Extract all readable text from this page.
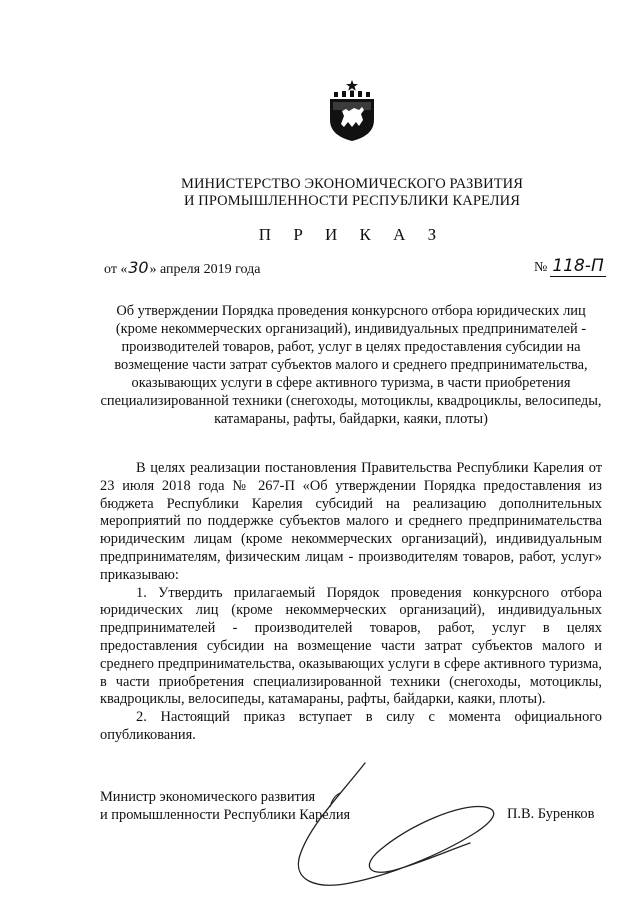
МИНИСТЕРСТВО ЭКОНОМИЧЕСКОГО РАЗВИТИЯ
И ПРОМЫШЛЕННОСТИ РЕСПУБЛИКИ КАРЕЛИЯ
П Р И К А З
от «30» апреля 2019 года	№ 118-П
Об утверждении Порядка проведения конкурсного отбора юридических лиц (кроме некоммерческих организаций), индивидуальных предпринимателей - производителей товаров, работ, услуг в целях предоставления субсидии на возмещение части затрат субъектов малого и среднего предпринимательства, оказывающих услуги в сфере активного туризма, в части приобретения специализированной техники (снегоходы, мотоциклы, квадроциклы, велосипеды, катамараны, рафты, байдарки, каяки, плоты)

В целях реализации постановления Правительства Республики Карелия от 23 июля 2018 года № 267-П «Об утверждении Порядка предоставления из бюджета Республики Карелия субсидий на реализацию дополнительных мероприятий по поддержке субъектов малого и среднего предпринимательства юридическим лицам (кроме некоммерческих организаций), индивидуальным предпринимателям, физическим лицам - производителям товаров, работ, услуг» приказываю:

1. Утвердить прилагаемый Порядок проведения конкурсного отбора юридических лиц (кроме некоммерческих организаций), индивидуальных предпринимателей - производителей товаров, работ, услуг в целях предоставления субсидии на возмещение части затрат субъектов малого и среднего предпринимательства, оказывающих услуги в сфере активного туризма, в части приобретения специализированной техники (снегоходы, мотоциклы, квадроциклы, велосипеды, катамараны, рафты, байдарки, каяки, плоты).

2. Настоящий приказ вступает в силу с момента официального опубликования.

Министр экономического развития
и промышленности Республики Карелия	П.В. Буренков
